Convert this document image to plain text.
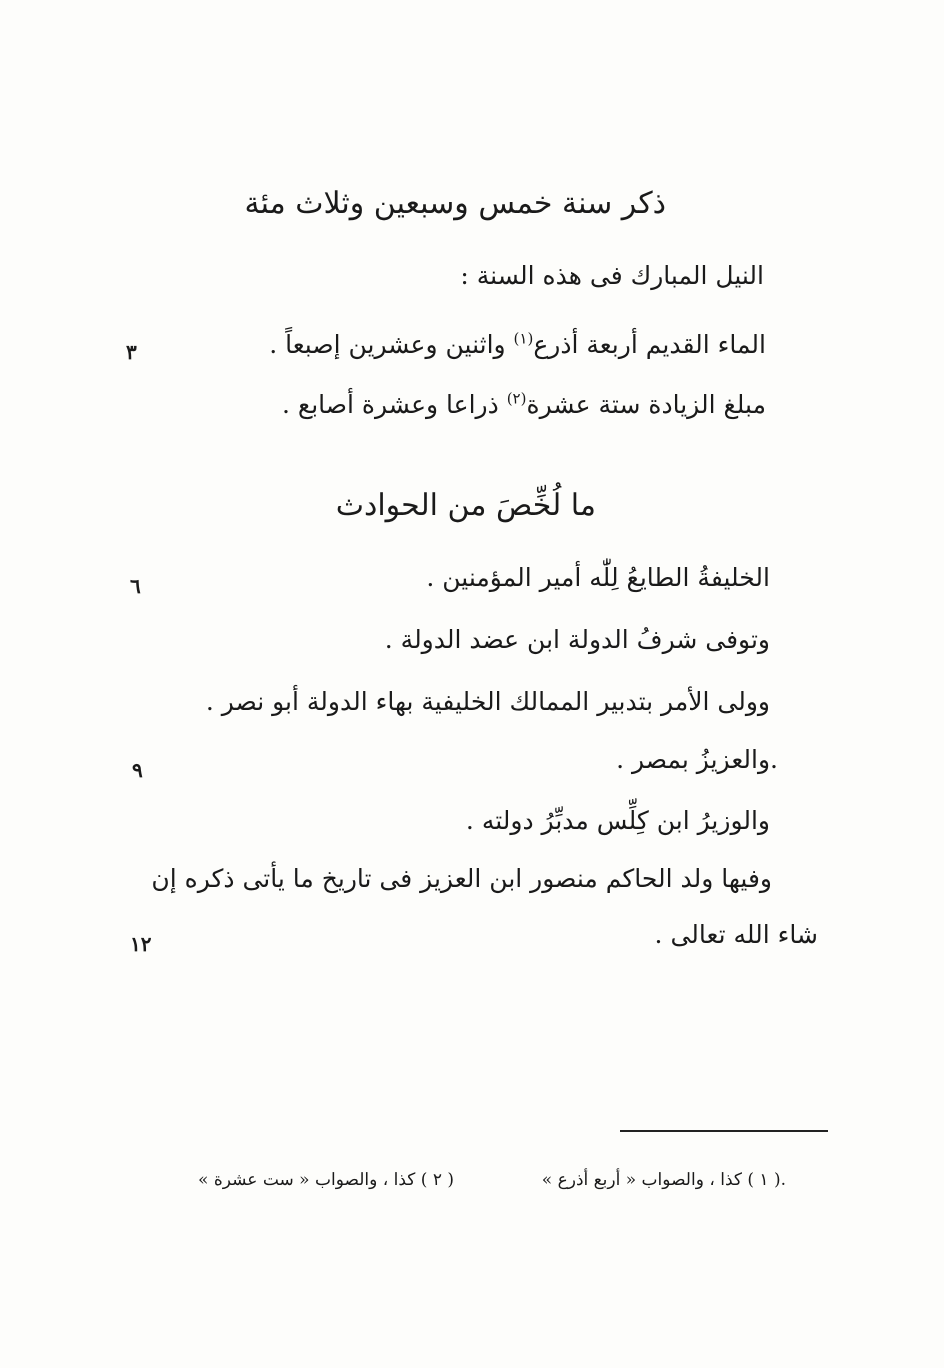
ذكر سنة خمس وسبعين وثلاث مئة
النيل المبارك فى هذه السنة :
الماء القديم أربعة أذرع$^{(١)}$ واثنين وعشرين إصبعاً .
٣
مبلغ الزيادة ستة عشرة$^{(٢)}$ ذراعا وعشرة أصابع .
ما لُخِّصَ من الحوادث
الخليفةُ الطايعُ لِلّٰه أمير المؤمنين .
٦
وتوفى شرفُ الدولة ابن عضد الدولة .
وولى الأمر بتدبير الممالك الخليفية بهاء الدولة أبو نصر .
.والعزيزُ بمصر .
٩
والوزيرُ ابن كِلِّس مدبِّرُ دولته .
وفيها ولد الحاكم منصور ابن العزيز فى تاريخ ما يأتى ذكره إن
شاء الله تعالى .
١٢
.( ١ ) كذا ، والصواب « أربع أذرع »
( ٢ ) كذا ، والصواب « ست عشرة »
